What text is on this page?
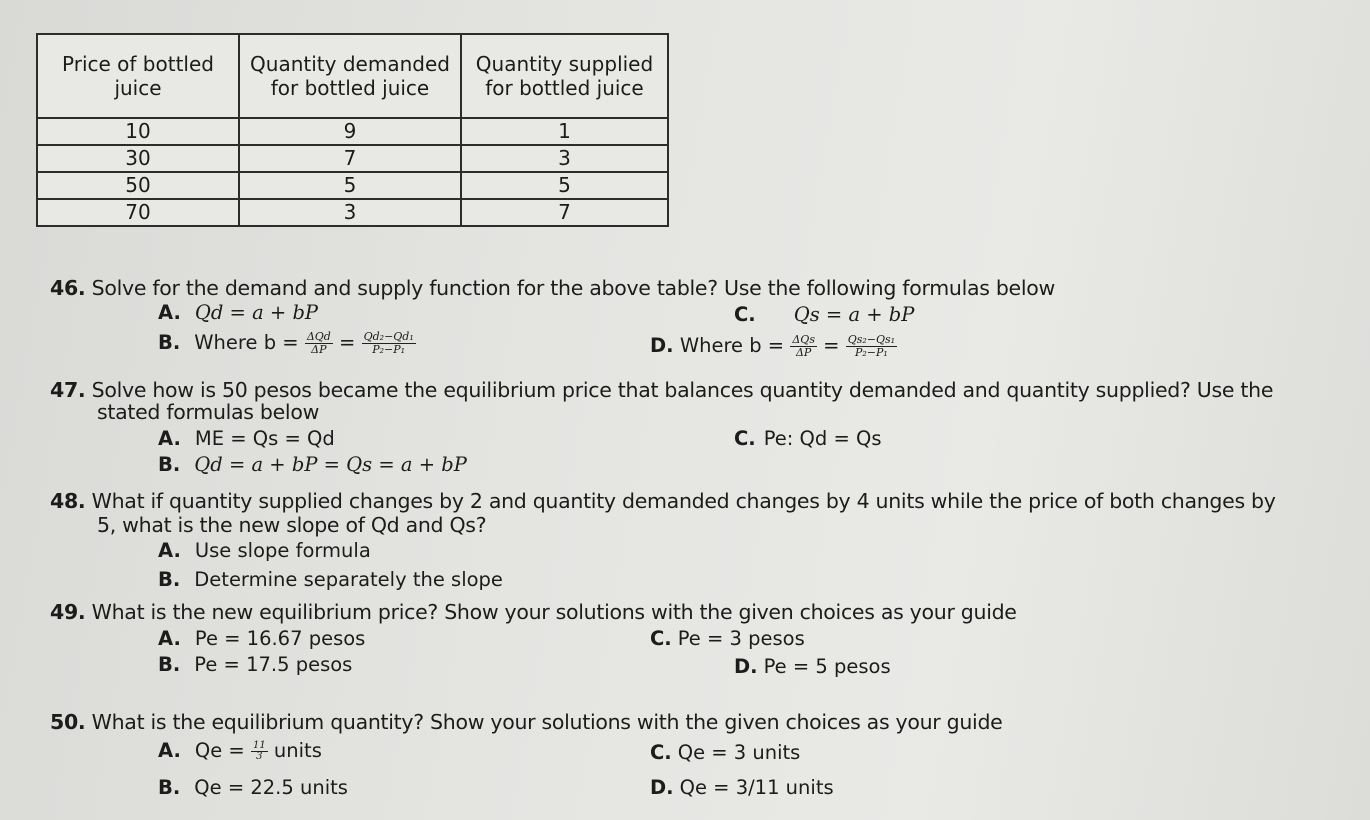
Price of bottled juice	Quantity demanded for bottled juice	Quantity supplied for bottled juice
10	9	1
30	7	3
50	5	5
70	3	7
46. Solve for the demand and supply function for the above table? Use the following formulas below
A. Qd = a + bP
B. Where $b = \frac{\text{ΔQd}}{\Delta P} = \frac{\text{Qd₂−Qd₁}}{\text{P₂−P₁}}$
C. Qs = a + bP
D. Where $b = \frac{\text{ΔQs}}{\Delta P} = \frac{\text{Qs₂−Qs₁}}{\text{P₂−P₁}}$
47. Solve how is 50 pesos became the equilibrium price that balances quantity demanded and quantity supplied? Use the
stated formulas below
A. ME = Qs = Qd
B. Qd = a + bP = Qs = a + bP
C. Pe: Qd = Qs
48. What if quantity supplied changes by 2 and quantity demanded changes by 4 units while the price of both changes by
5, what is the new slope of Qd and Qs?
A. Use slope formula
B. Determine separately the slope
49. What is the new equilibrium price? Show your solutions with the given choices as your guide
A. Pe = 16.67 pesos
B. Pe = 17.5 pesos
C. Pe = 3 pesos
D. Pe = 5 pesos
50. What is the equilibrium quantity? Show your solutions with the given choices as your guide
A. $Qe = \frac{11}{3}$ units
B. Qe = 22.5 units
C. Qe = 3 units
D. Qe = 3/11 units
